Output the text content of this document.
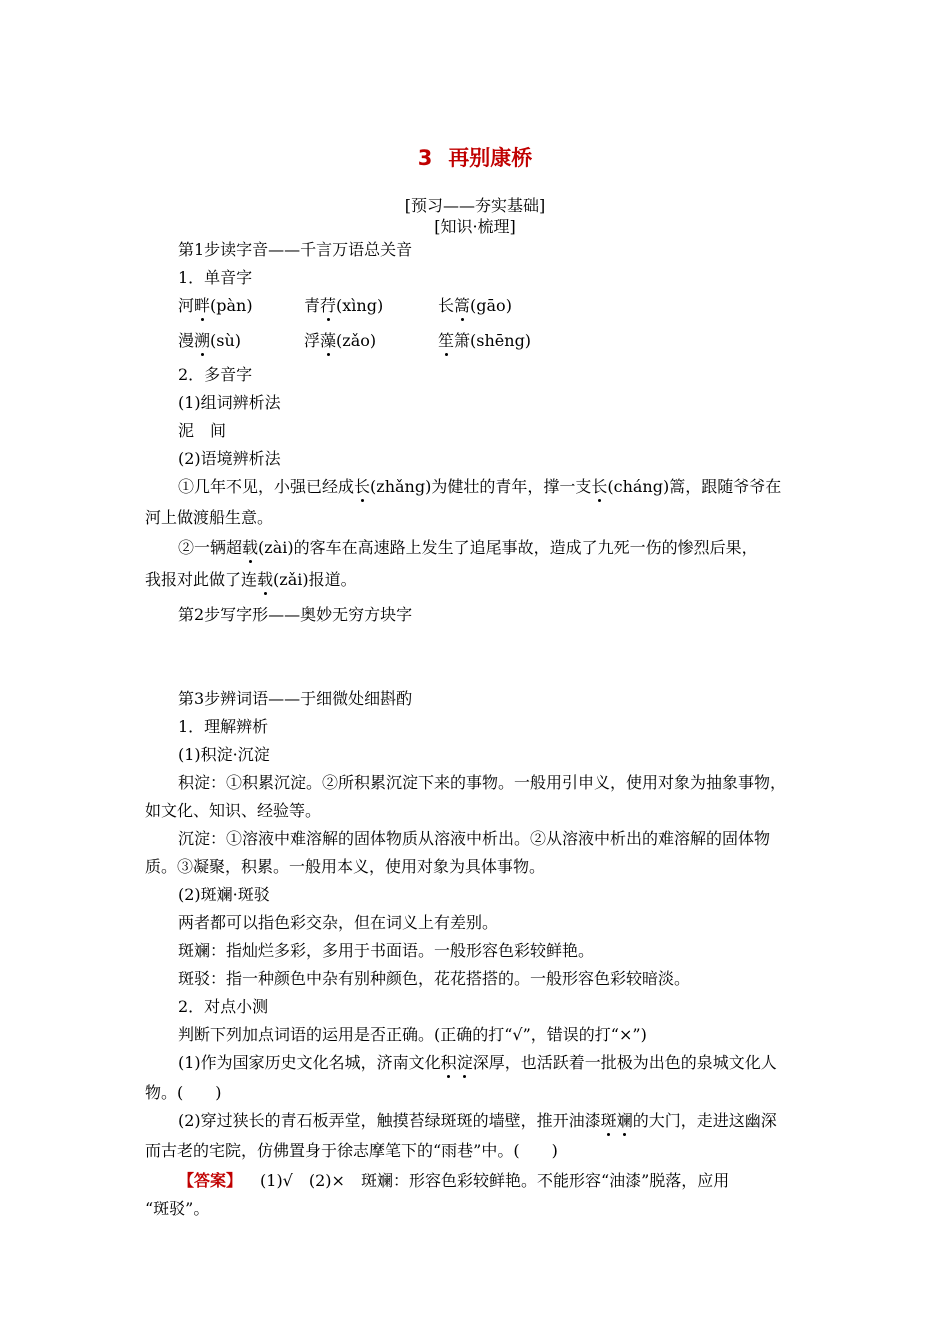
3 再别康桥
[预习——夯实基础]
[知识·梳理]
第1步读字音——千言万语总关音
1．单音字
河畔(pàn)	青荇(xìng)	长篙(gāo)
漫溯(sù)	浮藻(zǎo)	笙箫(shēng)
2．多音字
(1)组词辨析法
泥　间
(2)语境辨析法
①几年不见，小强已经成长(zhǎng)为健壮的青年，撑一支长(cháng)篙，跟随爷爷在
河上做渡船生意。
②一辆超载(zài)的客车在高速路上发生了追尾事故，造成了九死一伤的惨烈后果，
我报对此做了连载(zǎi)报道。
第2步写字形——奥妙无穷方块字
第3步辨词语——于细微处细斟酌
1．理解辨析
(1)积淀·沉淀
积淀：①积累沉淀。②所积累沉淀下来的事物。一般用引申义，使用对象为抽象事物，
如文化、知识、经验等。
沉淀：①溶液中难溶解的固体物质从溶液中析出。②从溶液中析出的难溶解的固体物
质。③凝聚，积累。一般用本义，使用对象为具体事物。
(2)斑斓·斑驳
两者都可以指色彩交杂，但在词义上有差别。
斑斓：指灿烂多彩，多用于书面语。一般形容色彩较鲜艳。
斑驳：指一种颜色中杂有别种颜色，花花搭搭的。一般形容色彩较暗淡。
2．对点小测
判断下列加点词语的运用是否正确。(正确的打“√”，错误的打“×”)
(1)作为国家历史文化名城，济南文化积淀深厚，也活跃着一批极为出色的泉城文化人
物。(　　)
(2)穿过狭长的青石板弄堂，触摸苔绿斑斑的墙壁，推开油漆斑斓的大门，走进这幽深
而古老的宅院，仿佛置身于徐志摩笔下的“雨巷”中。(　　)
【答案】 (1)√　(2)×　斑斓：形容色彩较鲜艳。不能形容“油漆”脱落，应用
“斑驳”。
